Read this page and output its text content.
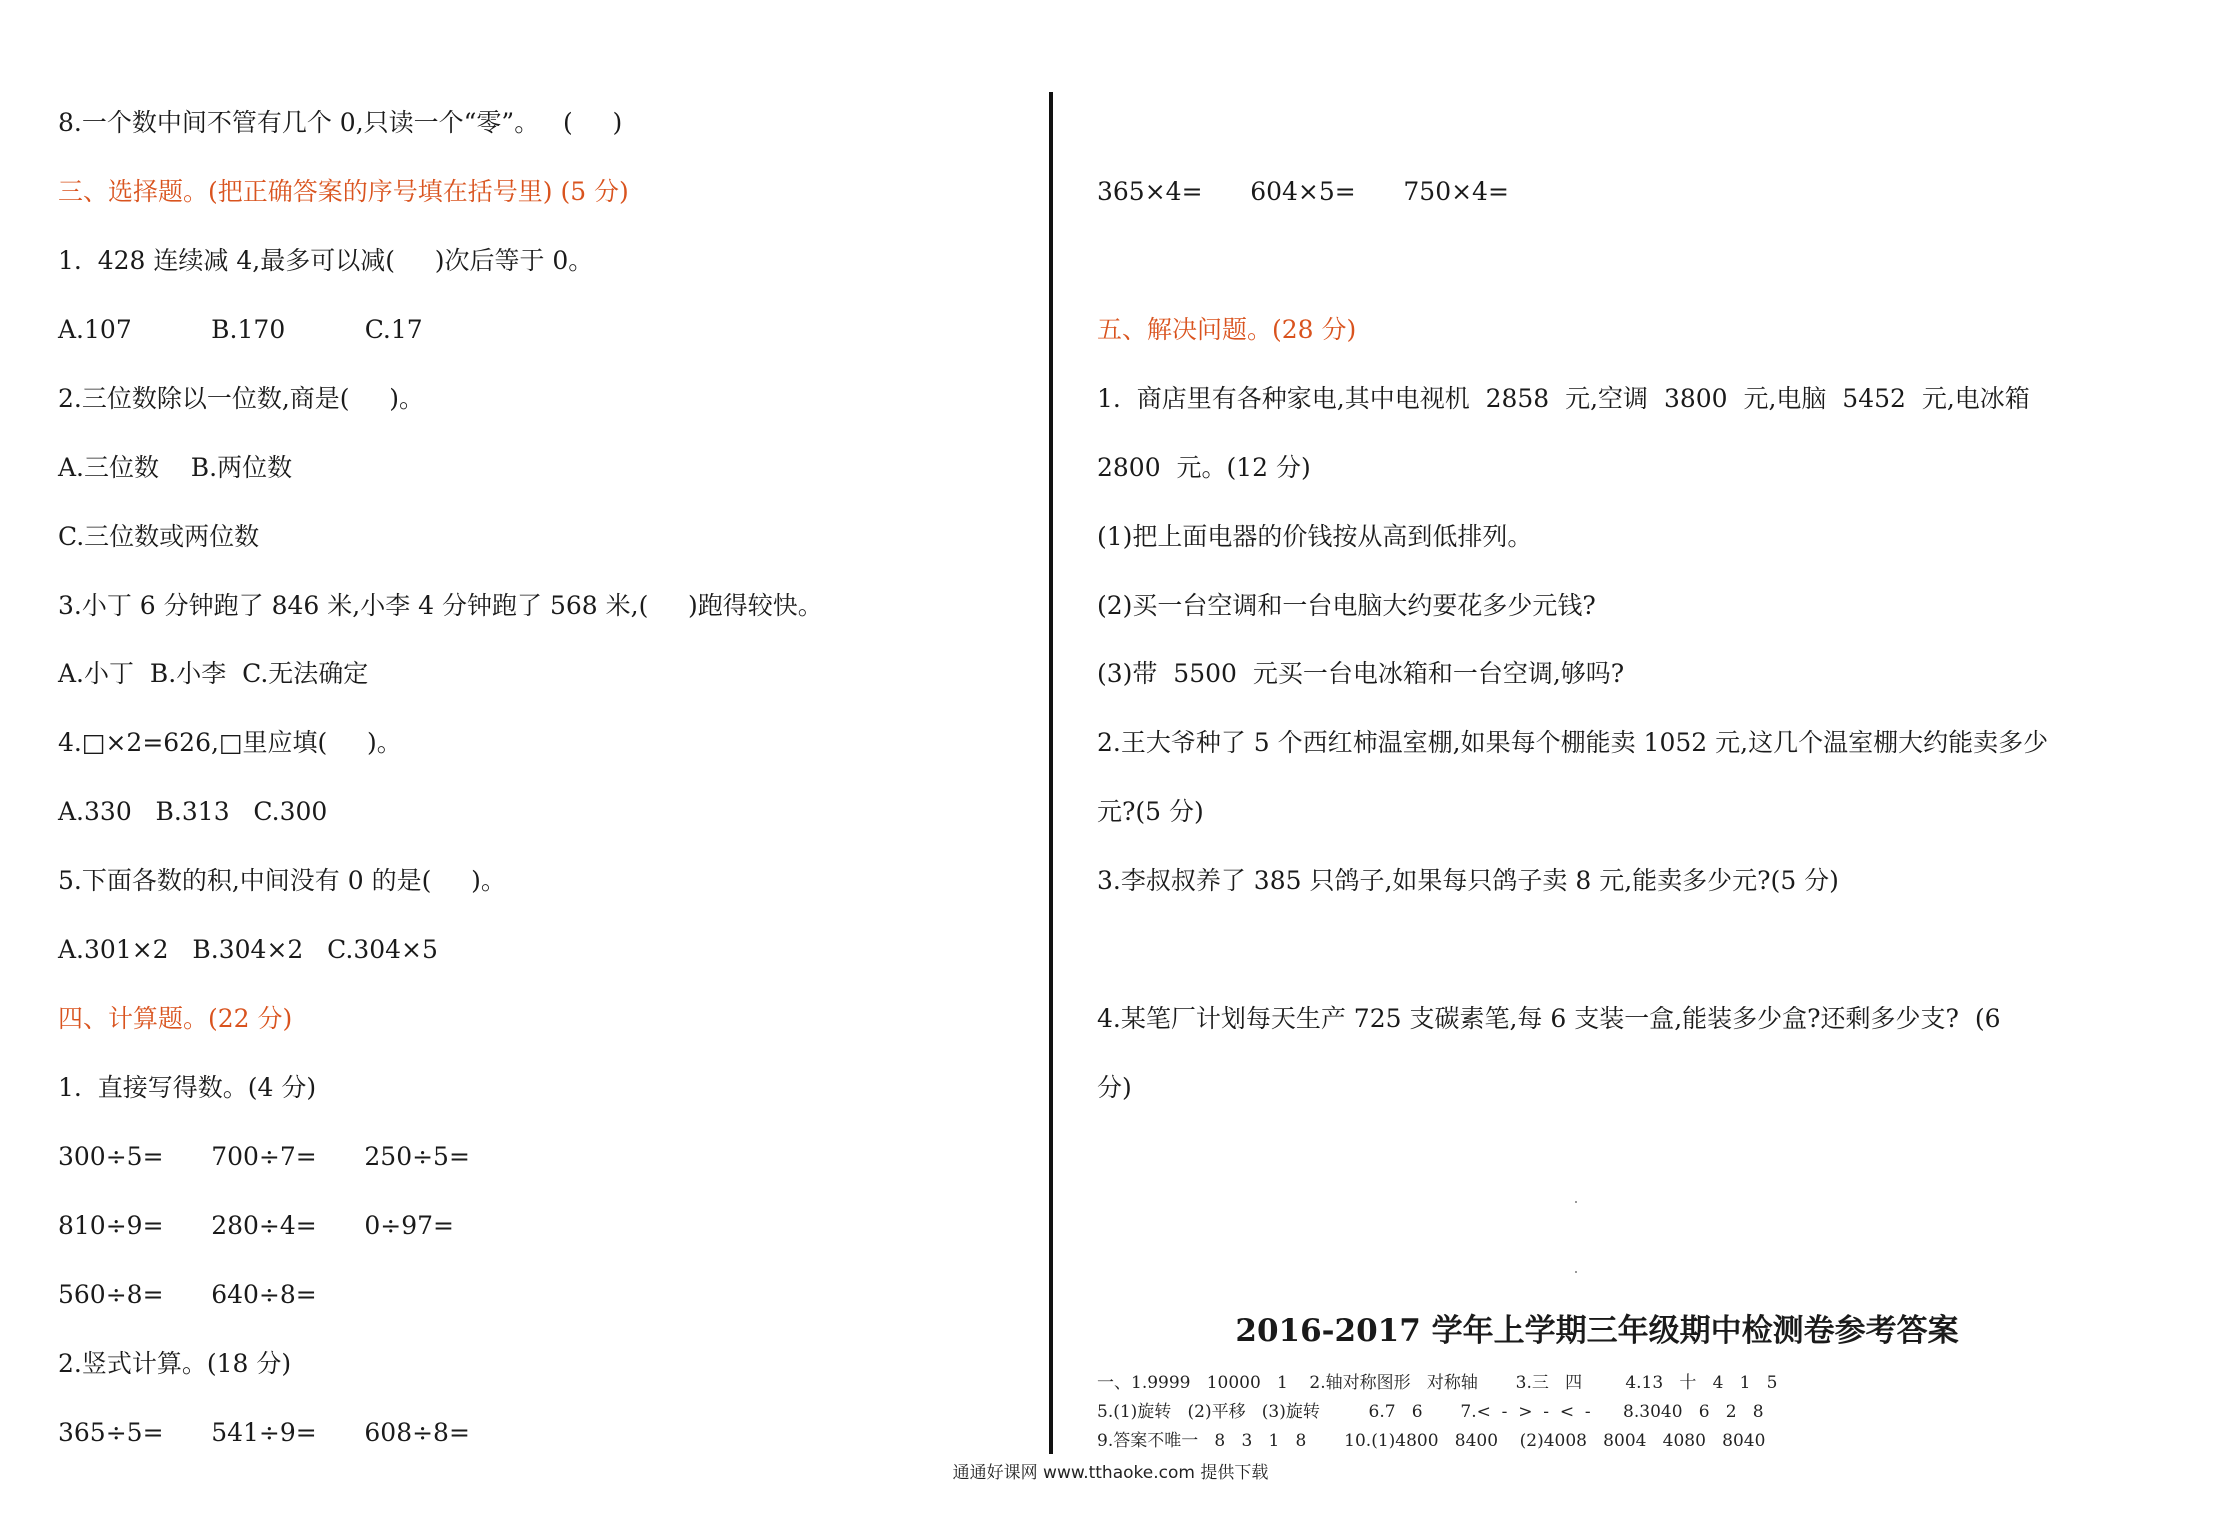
8.一个数中间不管有几个 0,只读一个“零”。   (     )
三、选择题。(把正确答案的序号填在括号里) (5 分)
1.  428 连续减 4,最多可以减(     )次后等于 0。
A.107          B.170          C.17
2.三位数除以一位数,商是(     )。
A.三位数    B.两位数
C.三位数或两位数
3.小丁 6 分钟跑了 846 米,小李 4 分钟跑了 568 米,(     )跑得较快。
A.小丁  B.小李  C.无法确定
4.□×2=626,□里应填(     )。
A.330   B.313   C.300
5.下面各数的积,中间没有 0 的是(     )。
A.301×2   B.304×2   C.304×5
四、计算题。(22 分)
1.  直接写得数。(4 分)
300÷5=      700÷7=      250÷5=
810÷9=      280÷4=      0÷97=
560÷8=      640÷8=
2.竖式计算。(18 分)
365÷5=      541÷9=      608÷8=
365×4=      604×5=      750×4=
五、解决问题。(28 分)
1.  商店里有各种家电,其中电视机  2858  元,空调  3800  元,电脑  5452  元,电冰箱
2800  元。(12 分)
(1)把上面电器的价钱按从高到低排列。
(2)买一台空调和一台电脑大约要花多少元钱?
(3)带  5500  元买一台电冰箱和一台空调,够吗?
2.王大爷种了 5 个西红柿温室棚,如果每个棚能卖 1052 元,这几个温室棚大约能卖多少
元?(5 分)
3.李叔叔养了 385 只鸽子,如果每只鸽子卖 8 元,能卖多少元?(5 分)
4.某笔厂计划每天生产 725 支碳素笔,每 6 支装一盒,能装多少盒?还剩多少支?  (6
分)
2016-2017 学年上学期三年级期中检测卷参考答案
一、1.9999   10000   1    2.轴对称图形   对称轴       3.三   四        4.13   十   4   1   5
5.(1)旋转   (2)平移   (3)旋转         6.7   6       7.<  -  >  -  <  -      8.3040   6   2   8
9.答案不唯一   8   3   1   8       10.(1)4800   8400    (2)4008   8004   4080   8040
通通好课网 www.tthaoke.com 提供下载
